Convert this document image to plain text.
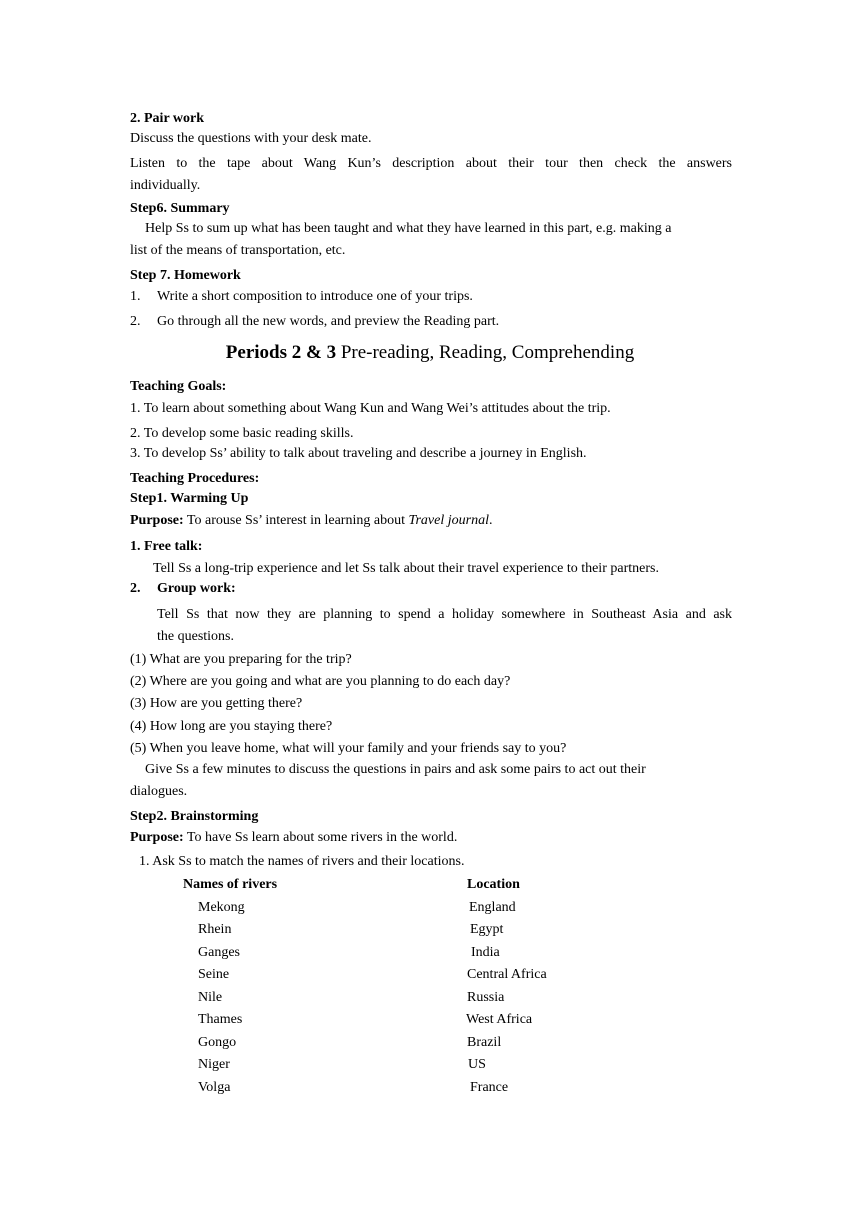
2. Pair work
Discuss the questions with your desk mate.
Listen to the tape about Wang Kun’s description about their tour then check the answers
individually.
Step6. Summary
Help Ss to sum up what has been taught and what they have learned in this part, e.g. making a
list of the means of transportation, etc.
Step 7. Homework
1. Write a short composition to introduce one of your trips.
2. Go through all the new words, and preview the Reading part.
Periods 2 & 3 Pre-reading, Reading, Comprehending
Teaching Goals:
1. To learn about something about Wang Kun and Wang Wei’s attitudes about the trip.
2. To develop some basic reading skills.
3. To develop Ss’ ability to talk about traveling and describe a journey in English.
Teaching Procedures:
Step1. Warming Up
Purpose: To arouse Ss’ interest in learning about Travel journal.
1. Free talk:
Tell Ss a long-trip experience and let Ss talk about their travel experience to their partners.
2. Group work:
Tell Ss that now they are planning to spend a holiday somewhere in Southeast Asia and ask
the questions.
(1) What are you preparing for the trip?
(2) Where are you going and what are you planning to do each day?
(3) How are you getting there?
(4) How long are you staying there?
(5) When you leave home, what will your family and your friends say to you?
Give Ss a few minutes to discuss the questions in pairs and ask some pairs to act out their
dialogues.
Step2. Brainstorming
Purpose: To have Ss learn about some rivers in the world.
1. Ask Ss to match the names of rivers and their locations.
Names of rivers	Location
Mekong
Rhein
Ganges
Seine
Nile
Thames
Gongo
Niger
Volga
England
Egypt
India
Central Africa
Russia
West Africa
Brazil
US
France
